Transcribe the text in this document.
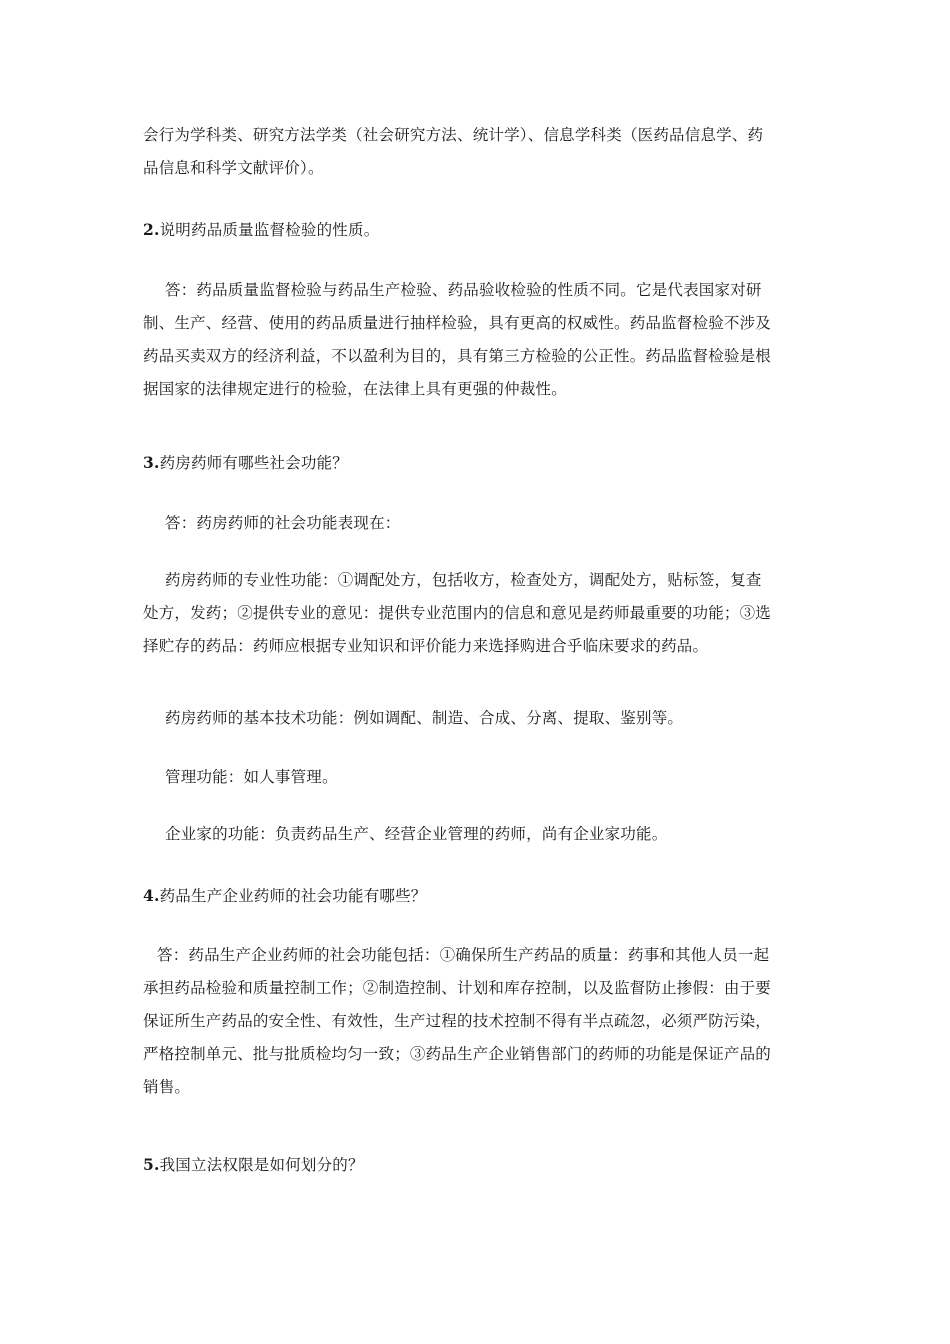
会行为学科类、研究方法学类（社会研究方法、统计学）、信息学科类（医药品信息学、药
品信息和科学文献评价）。
2.说明药品质量监督检验的性质。
答：药品质量监督检验与药品生产检验、药品验收检验的性质不同。它是代表国家对研
制、生产、经营、使用的药品质量进行抽样检验，具有更高的权威性。药品监督检验不涉及
药品买卖双方的经济利益，不以盈利为目的，具有第三方检验的公正性。药品监督检验是根
据国家的法律规定进行的检验，在法律上具有更强的仲裁性。
3.药房药师有哪些社会功能？
答：药房药师的社会功能表现在：
药房药师的专业性功能：①调配处方，包括收方，检查处方，调配处方，贴标签，复查
处方，发药；②提供专业的意见：提供专业范围内的信息和意见是药师最重要的功能；③选
择贮存的药品：药师应根据专业知识和评价能力来选择购进合乎临床要求的药品。
药房药师的基本技术功能：例如调配、制造、合成、分离、提取、鉴别等。
管理功能：如人事管理。
企业家的功能：负责药品生产、经营企业管理的药师，尚有企业家功能。
4.药品生产企业药师的社会功能有哪些？
答：药品生产企业药师的社会功能包括：①确保所生产药品的质量：药事和其他人员一起
承担药品检验和质量控制工作；②制造控制、计划和库存控制，以及监督防止掺假：由于要
保证所生产药品的安全性、有效性，生产过程的技术控制不得有半点疏忽，必须严防污染，
严格控制单元、批与批质检均匀一致；③药品生产企业销售部门的药师的功能是保证产品的
销售。
5.我国立法权限是如何划分的？
